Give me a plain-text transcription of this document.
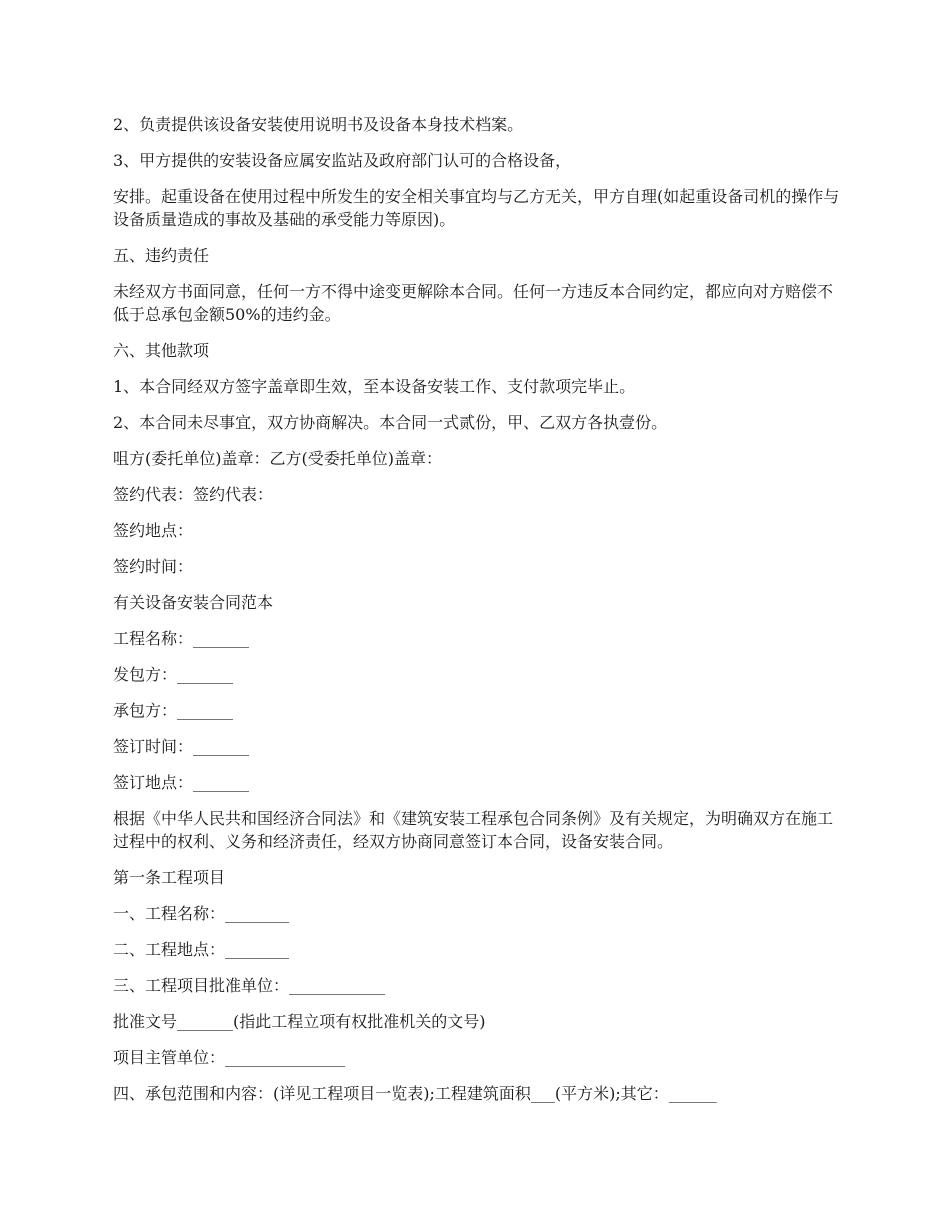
2、负责提供该设备安装使用说明书及设备本身技术档案。

3、甲方提供的安装设备应属安监站及政府部门认可的合格设备，

安排。起重设备在使用过程中所发生的安全相关事宜均与乙方无关，甲方自理(如起重设备司机的操作与设备质量造成的事故及基础的承受能力等原因)。

五、违约责任

未经双方书面同意，任何一方不得中途变更解除本合同。任何一方违反本合同约定，都应向对方赔偿不低于总承包金额50%的违约金。

六、其他款项

1、本合同经双方签字盖章即生效，至本设备安装工作、支付款项完毕止。

2、本合同未尽事宜，双方协商解决。本合同一式贰份，甲、乙双方各执壹份。

咀方(委托单位)盖章：乙方(受委托单位)盖章：

签约代表：签约代表：

签约地点：

签约时间：

有关设备安装合同范本

工程名称：_______

发包方：_______

承包方：_______

签订时间：_______

签订地点：_______

根据《中华人民共和国经济合同法》和《建筑安装工程承包合同条例》及有关规定，为明确双方在施工过程中的权利、义务和经济责任，经双方协商同意签订本合同，设备安装合同。

第一条工程项目

一、工程名称：________

二、工程地点：________

三、工程项目批准单位：____________

批准文号_______(指此工程立项有权批准机关的文号)

项目主管单位：_______________

四、承包范围和内容：(详见工程项目一览表);工程建筑面积___(平方米);其它：______
